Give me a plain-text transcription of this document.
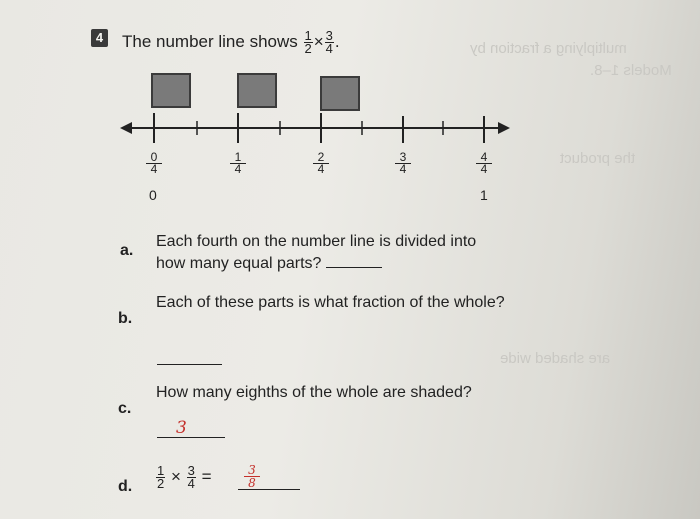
multiplying a fraction by
Models 1–8.
the product
are shaded wide
4 The number line shows $\frac{1}{2} \times \frac{3}{4}$ .
0
4
1
4
2
4
3
4
4
4
0	1
a.
Each fourth on the number line is divided into
how many equal parts?
b.
Each of these parts is what fraction of the whole?
c.
How many eighths of the whole are shaded?
3
d. $\frac{1}{2} \times \frac{3}{4}$ =	3
8
